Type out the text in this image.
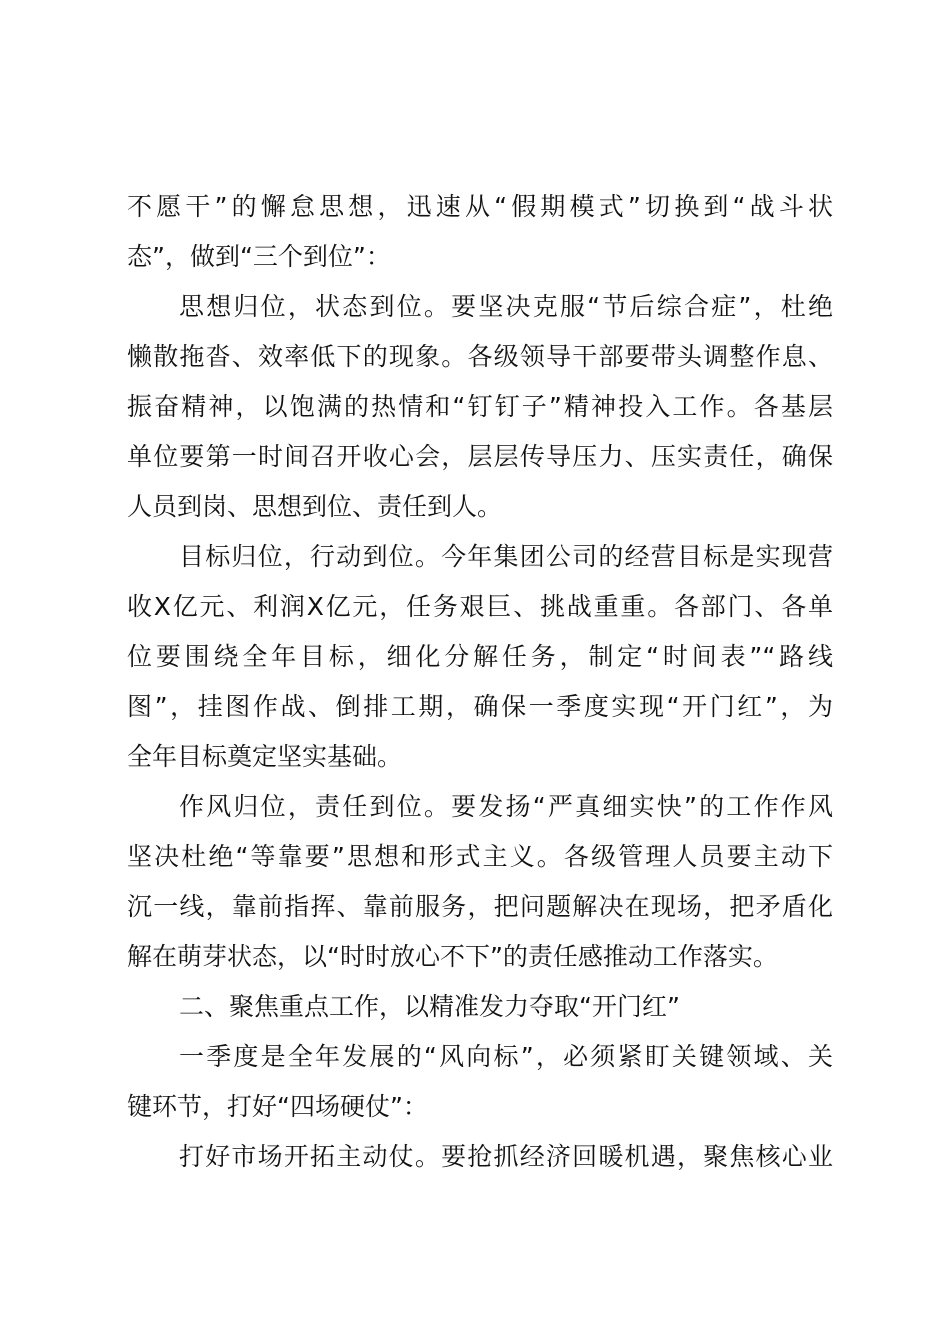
不愿干”的懈怠思想，迅速从“假期模式”切换到“战斗状
态”，做到“三个到位”：
思想归位，状态到位。要坚决克服“节后综合症”，杜绝
懒散拖沓、效率低下的现象。各级领导干部要带头调整作息、
振奋精神，以饱满的热情和“钉钉子”精神投入工作。各基层
单位要第一时间召开收心会，层层传导压力、压实责任，确保
人员到岗、思想到位、责任到人。
目标归位，行动到位。今年集团公司的经营目标是实现营
收X亿元、利润X亿元，任务艰巨、挑战重重。各部门、各单
位要围绕全年目标，细化分解任务，制定“时间表”“路线
图”，挂图作战、倒排工期，确保一季度实现“开门红”，为
全年目标奠定坚实基础。
作风归位，责任到位。要发扬“严真细实快”的工作作风
坚决杜绝“等靠要”思想和形式主义。各级管理人员要主动下
沉一线，靠前指挥、靠前服务，把问题解决在现场，把矛盾化
解在萌芽状态，以“时时放心不下”的责任感推动工作落实。
二、聚焦重点工作，以精准发力夺取“开门红”
一季度是全年发展的“风向标”，必须紧盯关键领域、关
键环节，打好“四场硬仗”：
打好市场开拓主动仗。要抢抓经济回暖机遇，聚焦核心业
